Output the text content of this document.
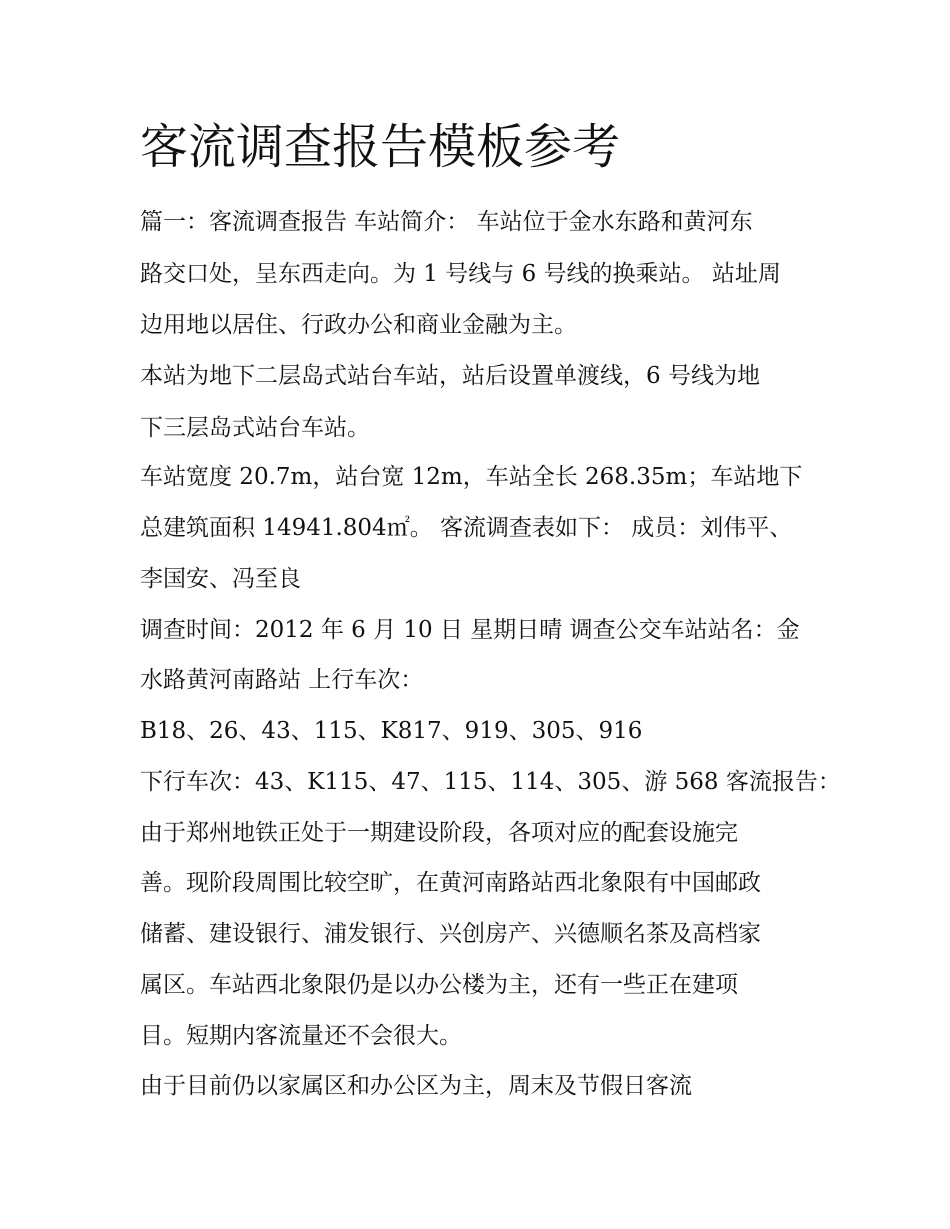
客流调查报告模板参考

篇一：客流调查报告 车站简介： 车站位于金水东路和黄河东

路交口处，呈东西走向。为 1 号线与 6 号线的换乘站。 站址周

边用地以居住、行政办公和商业金融为主。

本站为地下二层岛式站台车站，站后设置单渡线，6 号线为地

下三层岛式站台车站。

车站宽度 20.7m，站台宽 12m，车站全长 268.35m；车站地下

总建筑面积 14941.804㎡。 客流调查表如下： 成员：刘伟平、

李国安、冯至良

调查时间：2012 年 6 月 10 日 星期日晴 调查公交车站站名：金

水路黄河南路站 上行车次：

B18、26、43、115、K817、919、305、916

下行车次：43、K115、47、115、114、305、游 568 客流报告：

由于郑州地铁正处于一期建设阶段，各项对应的配套设施完

善。现阶段周围比较空旷，在黄河南路站西北象限有中国邮政

储蓄、建设银行、浦发银行、兴创房产、兴德顺名茶及高档家

属区。车站西北象限仍是以办公楼为主，还有一些正在建项

目。短期内客流量还不会很大。

由于目前仍以家属区和办公区为主，周末及节假日客流
